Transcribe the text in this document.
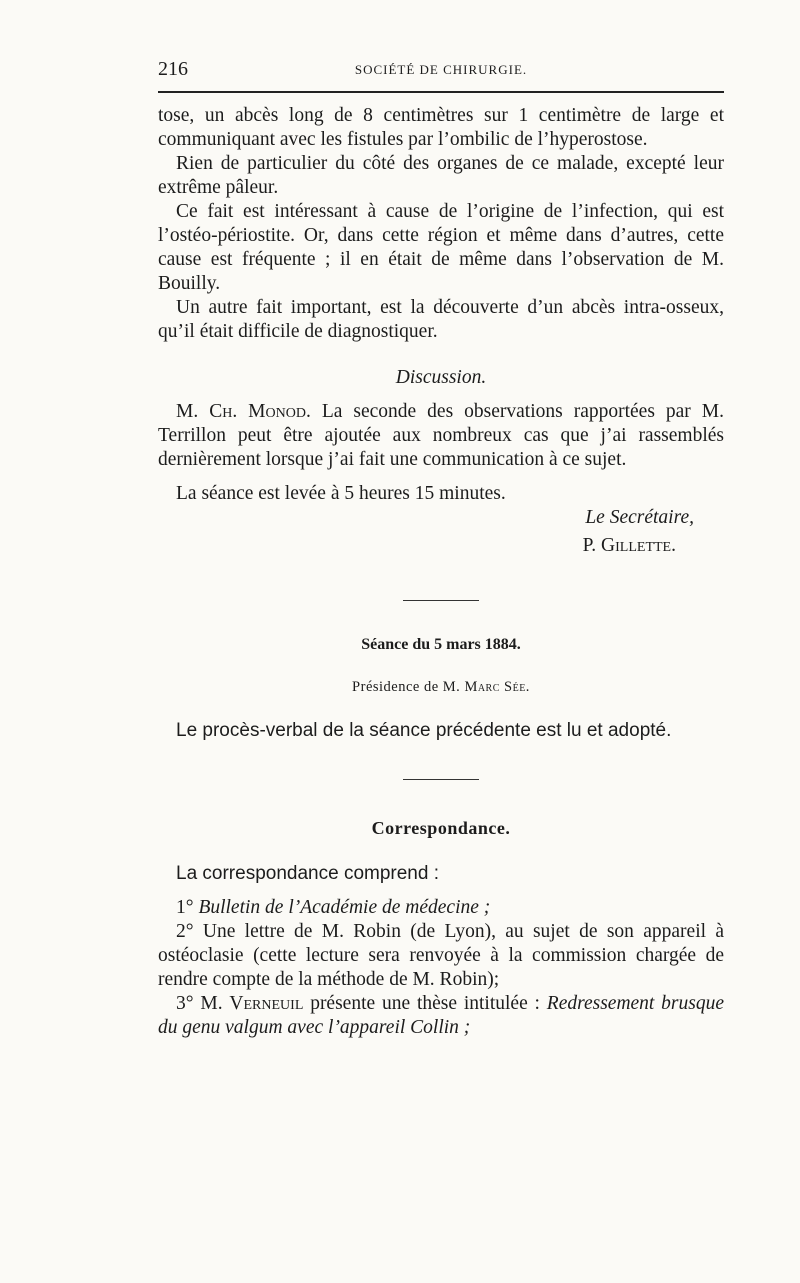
216	SOCIÉTÉ DE CHIRURGIE.

tose, un abcès long de 8 centimètres sur 1 centimètre de large et communiquant avec les fistules par l’ombilic de l’hyperostose.

Rien de particulier du côté des organes de ce malade, excepté leur extrême pâleur.

Ce fait est intéressant à cause de l’origine de l’infection, qui est l’ostéo-périostite. Or, dans cette région et même dans d’autres, cette cause est fréquente ; il en était de même dans l’observation de M. Bouilly.

Un autre fait important, est la découverte d’un abcès intra-osseux, qu’il était difficile de diagnostiquer.

Discussion.

M. Ch. Monod. La seconde des observations rapportées par M. Terrillon peut être ajoutée aux nombreux cas que j’ai rassemblés dernièrement lorsque j’ai fait une communication à ce sujet.

La séance est levée à 5 heures 15 minutes.

Le Secrétaire,

P. Gillette.

Séance du 5 mars 1884.

Présidence de M. Marc Sée.

Le procès-verbal de la séance précédente est lu et adopté.

Correspondance.

La correspondance comprend :

1° Bulletin de l’Académie de médecine ;

2° Une lettre de M. Robin (de Lyon), au sujet de son appareil à ostéoclasie (cette lecture sera renvoyée à la commission chargée de rendre compte de la méthode de M. Robin);

3° M. Verneuil présente une thèse intitulée : Redressement brusque du genu valgum avec l’appareil Collin ;
